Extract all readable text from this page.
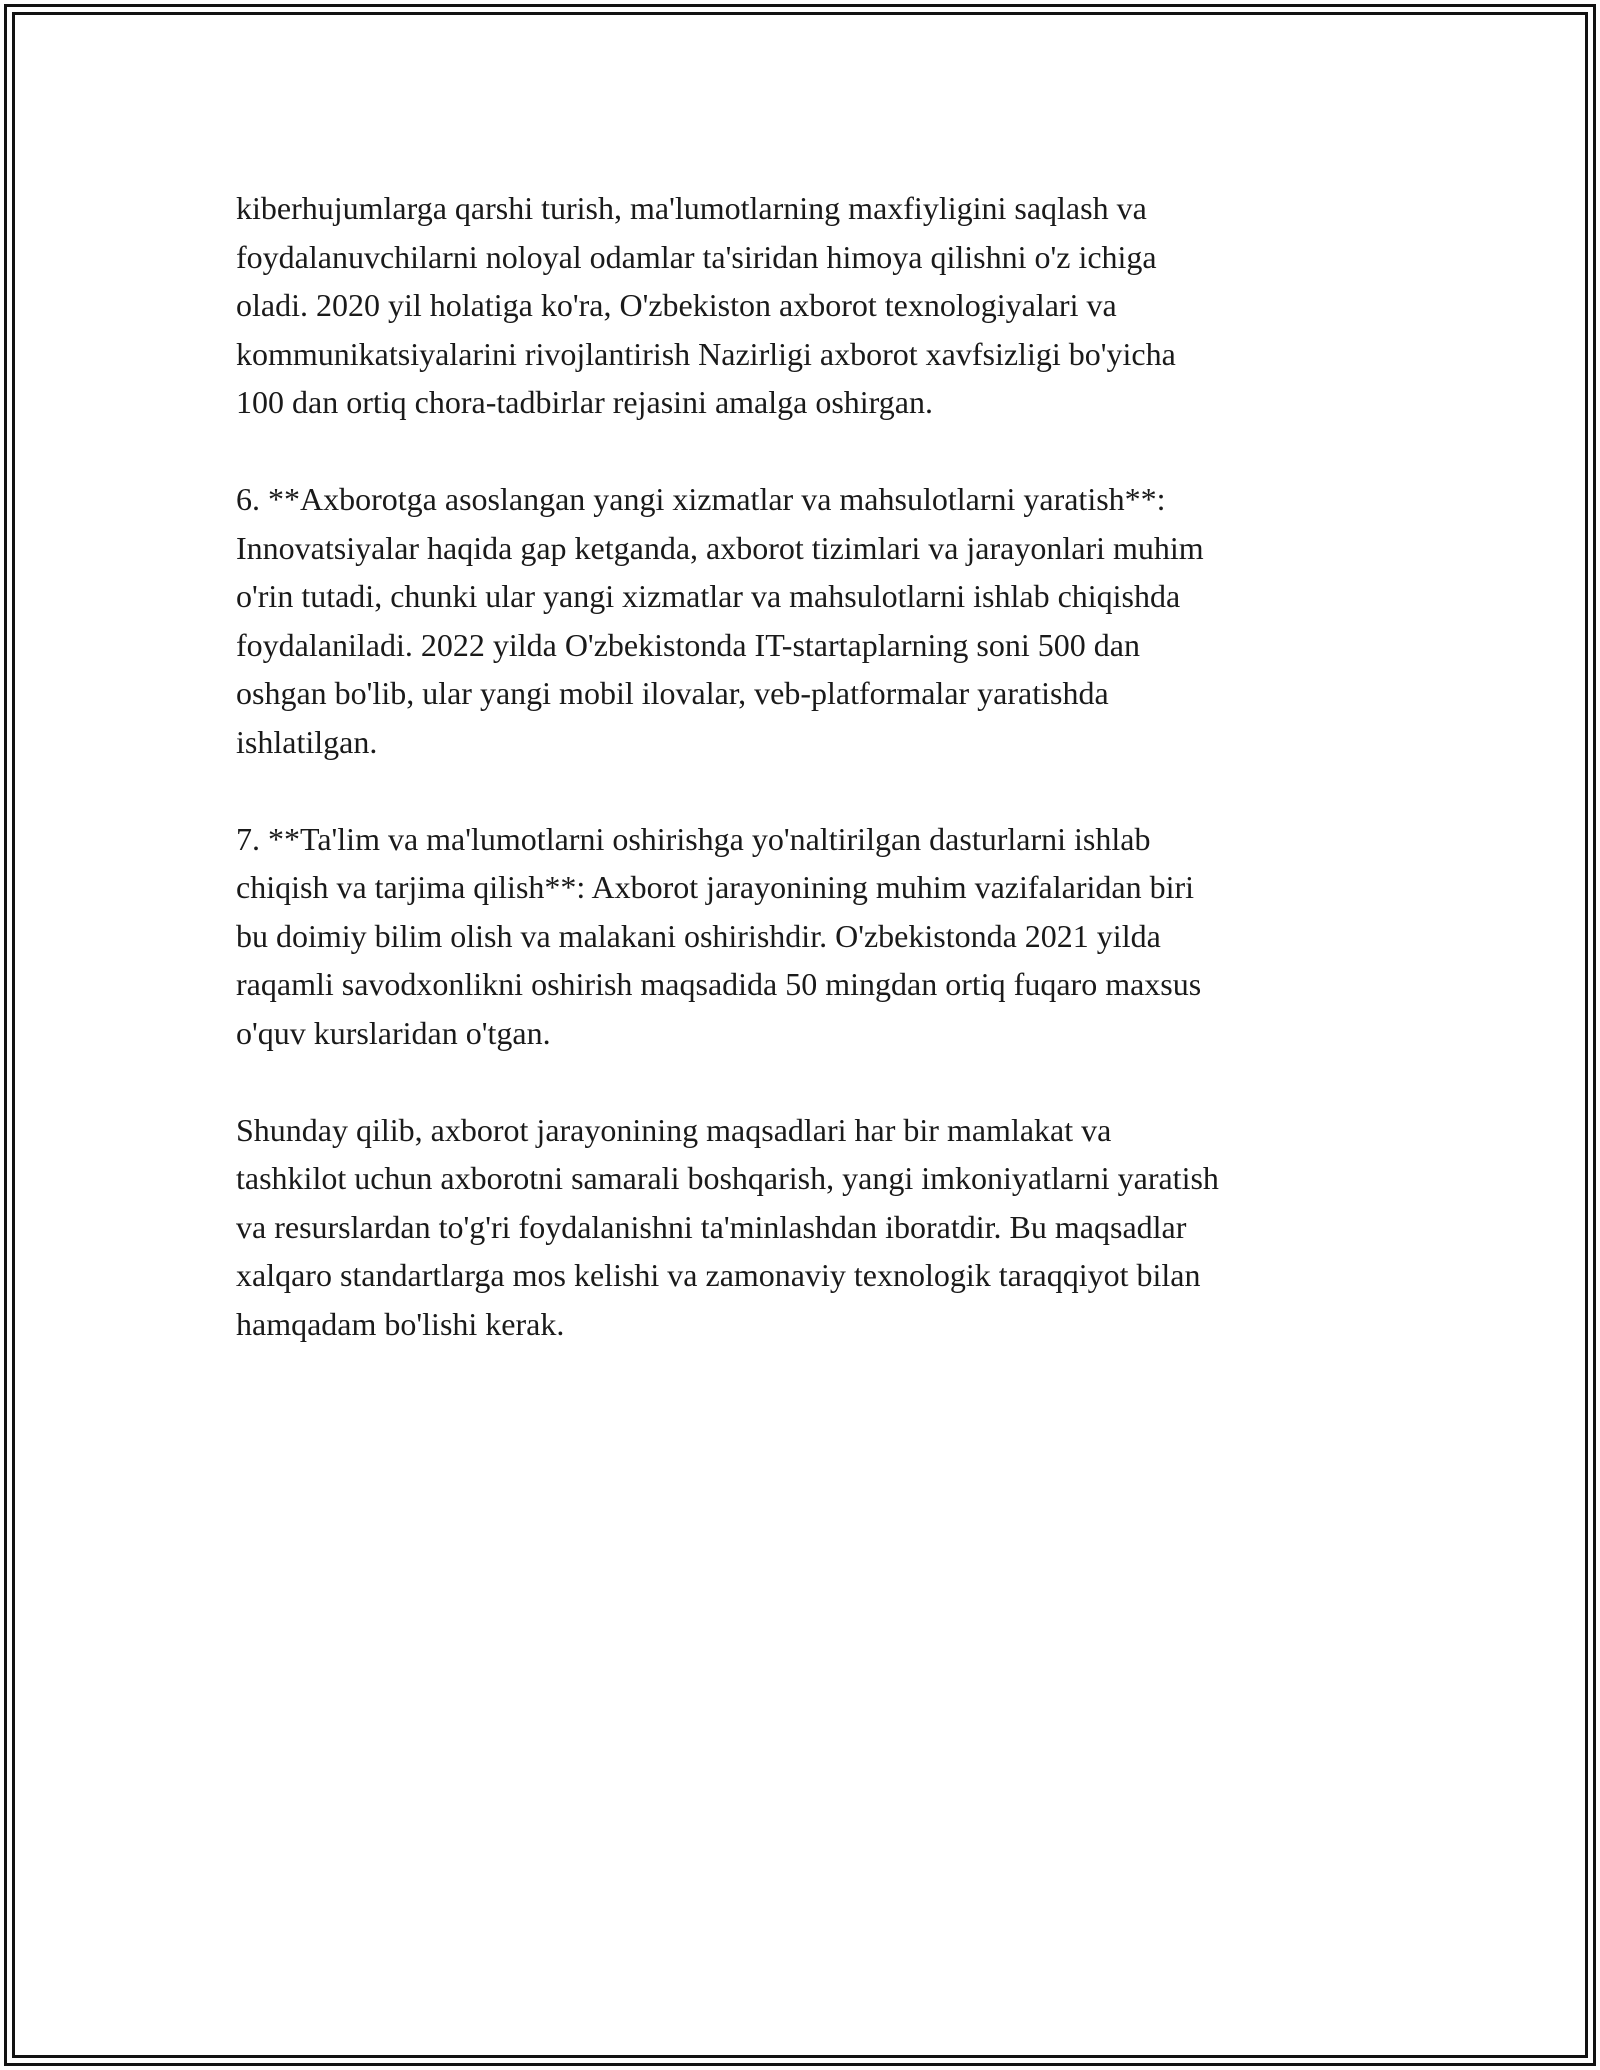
kiberhujumlarga qarshi turish, ma'lumotlarning maxfiyligini saqlash va
foydalanuvchilarni noloyal odamlar ta'siridan himoya qilishni o'z ichiga
oladi. 2020 yil holatiga ko'ra, O'zbekiston axborot texnologiyalari va
kommunikatsiyalarini rivojlantirish Nazirligi axborot xavfsizligi bo'yicha
100 dan ortiq chora-tadbirlar rejasini amalga oshirgan.

6. **Axborotga asoslangan yangi xizmatlar va mahsulotlarni yaratish**:
Innovatsiyalar haqida gap ketganda, axborot tizimlari va jarayonlari muhim
o'rin tutadi, chunki ular yangi xizmatlar va mahsulotlarni ishlab chiqishda
foydalaniladi. 2022 yilda O'zbekistonda IT-startaplarning soni 500 dan
oshgan bo'lib, ular yangi mobil ilovalar, veb-platformalar yaratishda
ishlatilgan.

7. **Ta'lim va ma'lumotlarni oshirishga yo'naltirilgan dasturlarni ishlab
chiqish va tarjima qilish**: Axborot jarayonining muhim vazifalaridan biri
bu doimiy bilim olish va malakani oshirishdir. O'zbekistonda 2021 yilda
raqamli savodxonlikni oshirish maqsadida 50 mingdan ortiq fuqaro maxsus
o'quv kurslaridan o'tgan.

Shunday qilib, axborot jarayonining maqsadlari har bir mamlakat va
tashkilot uchun axborotni samarali boshqarish, yangi imkoniyatlarni yaratish
va resurslardan to'g'ri foydalanishni ta'minlashdan iboratdir. Bu maqsadlar
xalqaro standartlarga mos kelishi va zamonaviy texnologik taraqqiyot bilan
hamqadam bo'lishi kerak.
